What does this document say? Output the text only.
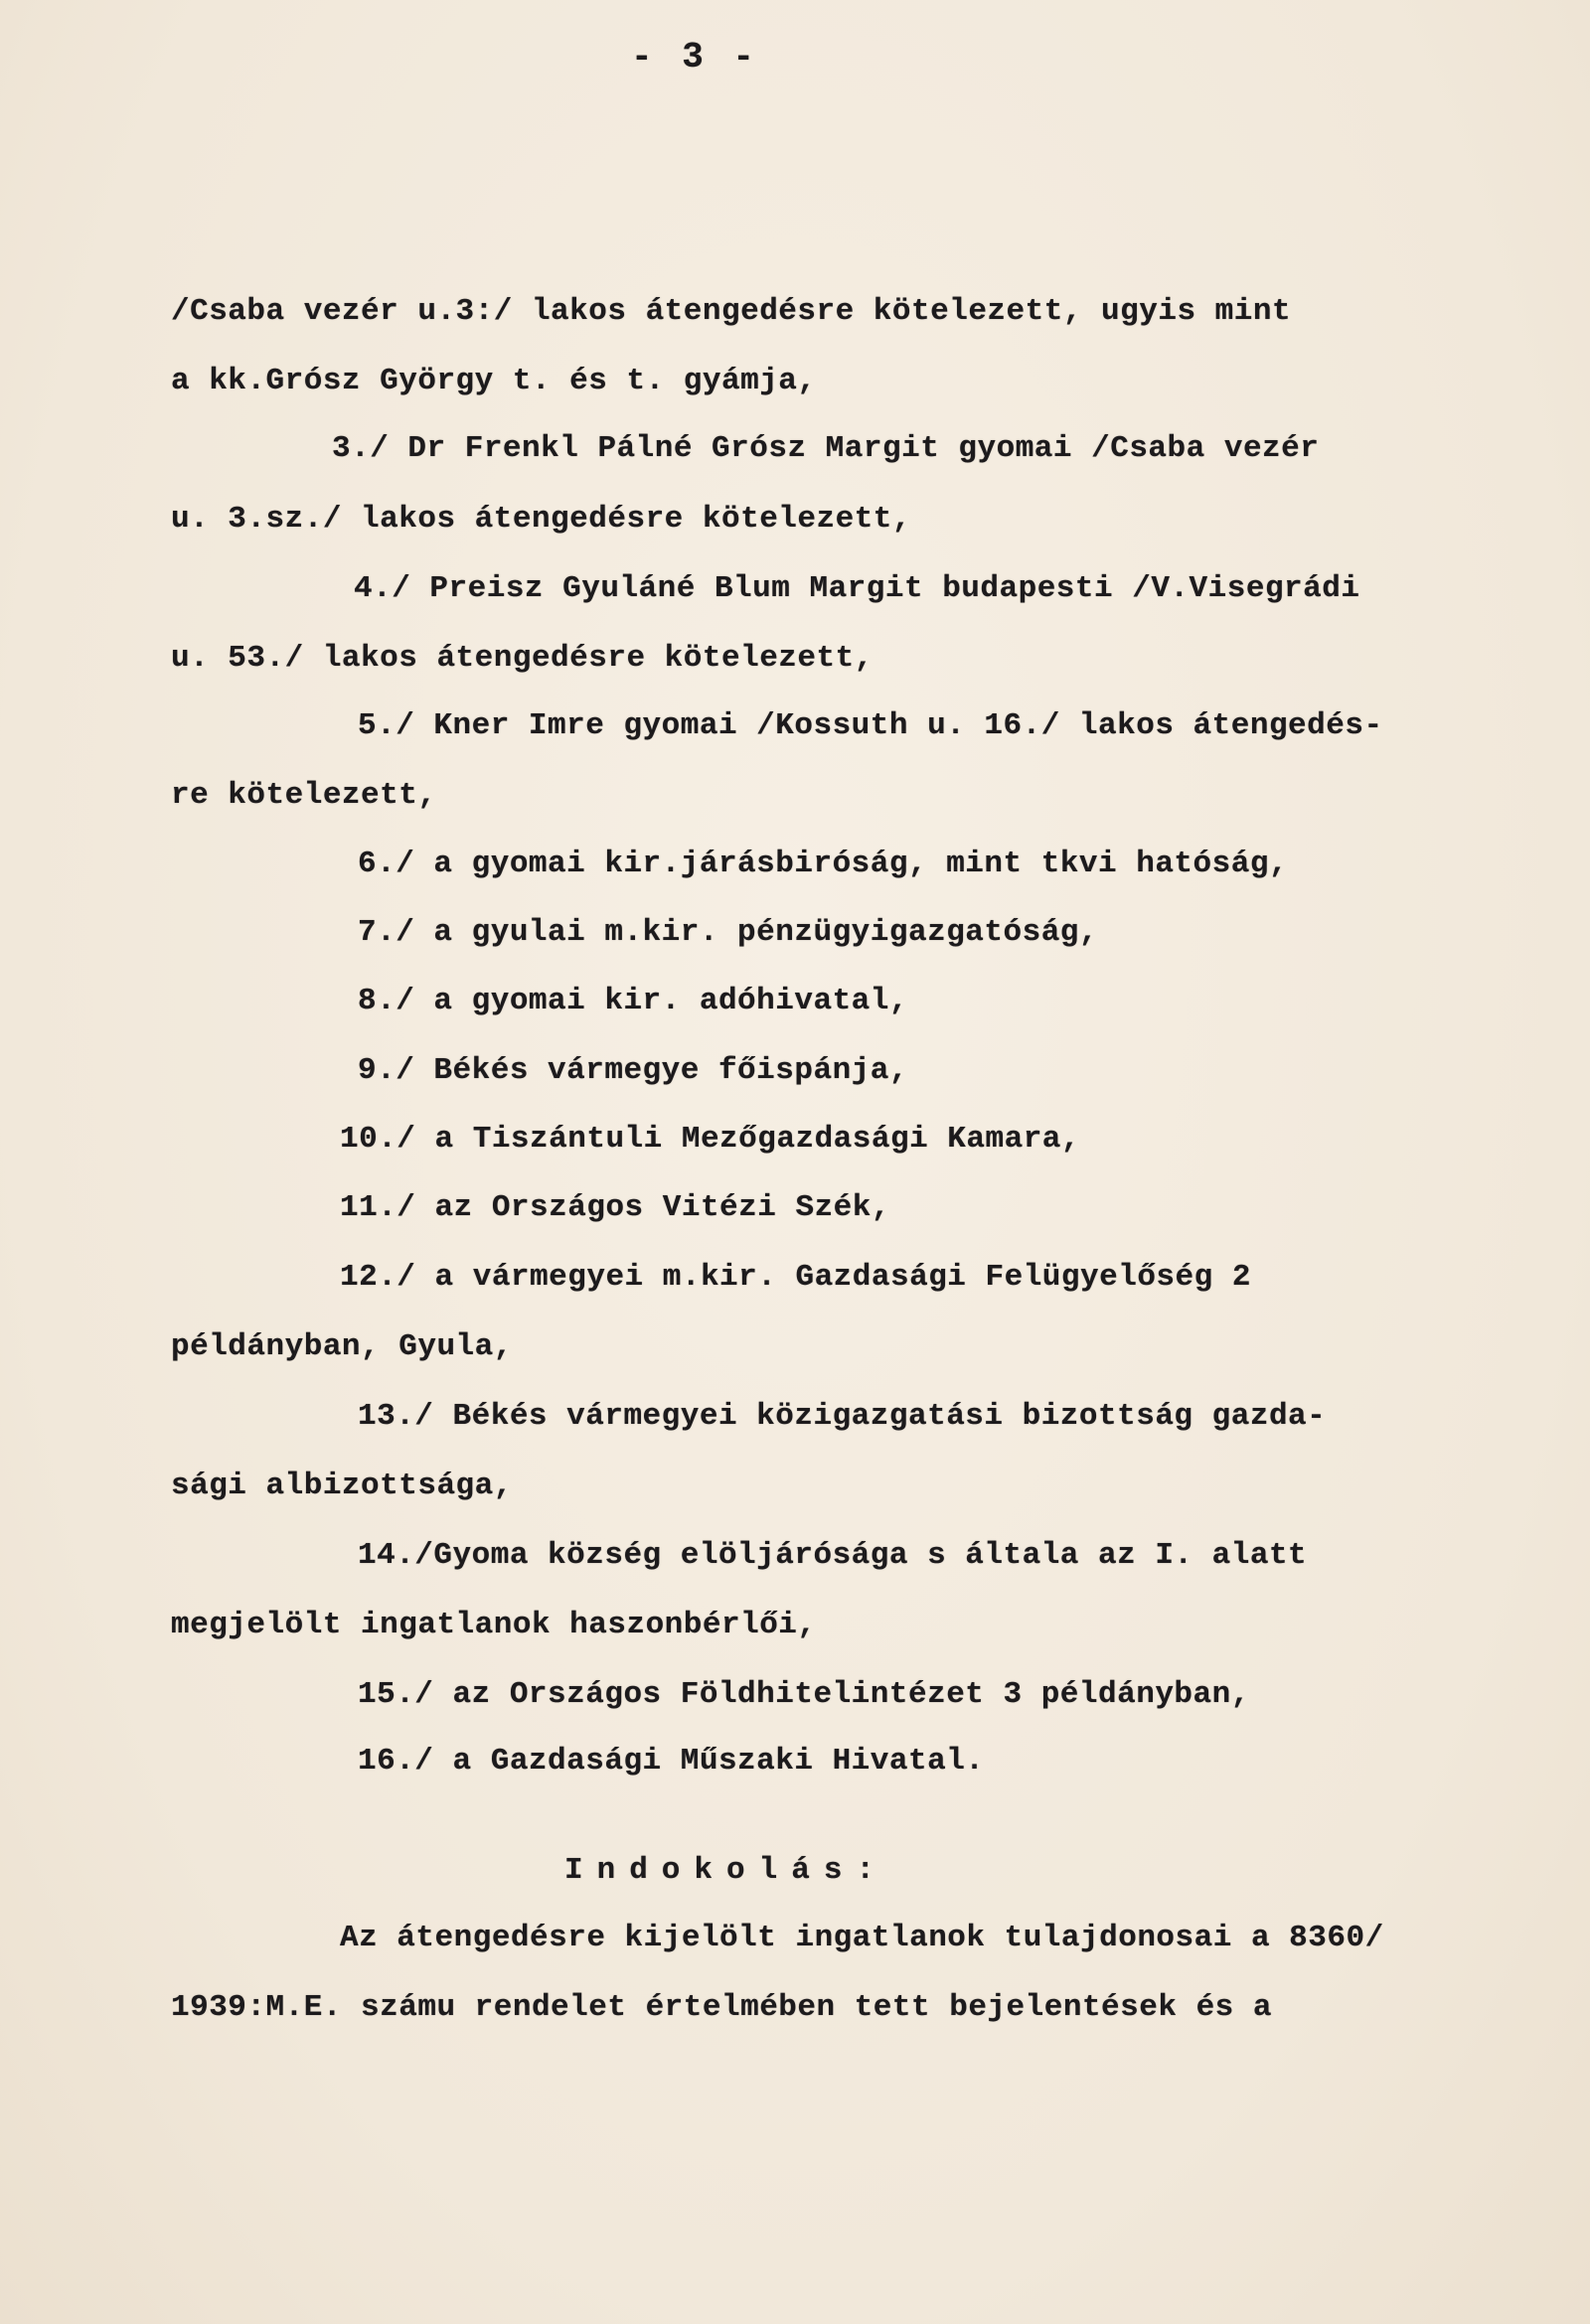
- 3 -
/Csaba vezér u.3:/ lakos átengedésre kötelezett, ugyis mint
a kk.Grósz György t. és t. gyámja,
3./ Dr Frenkl Pálné Grósz Margit gyomai /Csaba vezér
u. 3.sz./ lakos átengedésre kötelezett,
4./ Preisz Gyuláné Blum Margit budapesti /V.Visegrádi
u. 53./ lakos átengedésre kötelezett,
5./ Kner Imre gyomai /Kossuth u. 16./ lakos átengedés-
re kötelezett,
6./ a gyomai kir.járásbiróság, mint tkvi hatóság,
7./ a gyulai m.kir. pénzügyigazgatóság,
8./ a gyomai kir. adóhivatal,
9./ Békés vármegye főispánja,
10./ a Tiszántuli Mezőgazdasági Kamara,
11./ az Országos Vitézi Szék,
12./ a vármegyei m.kir. Gazdasági Felügyelőség 2
példányban, Gyula,
13./ Békés vármegyei közigazgatási bizottság gazda-
sági albizottsága,
14./Gyoma község elöljárósága s általa az I. alatt
megjelölt ingatlanok haszonbérlői,
15./ az Országos Földhitelintézet 3 példányban,
16./ a Gazdasági Műszaki Hivatal.
Indokolás:
Az átengedésre kijelölt ingatlanok tulajdonosai a 8360/
1939:M.E. számu rendelet értelmében tett bejelentések és a
